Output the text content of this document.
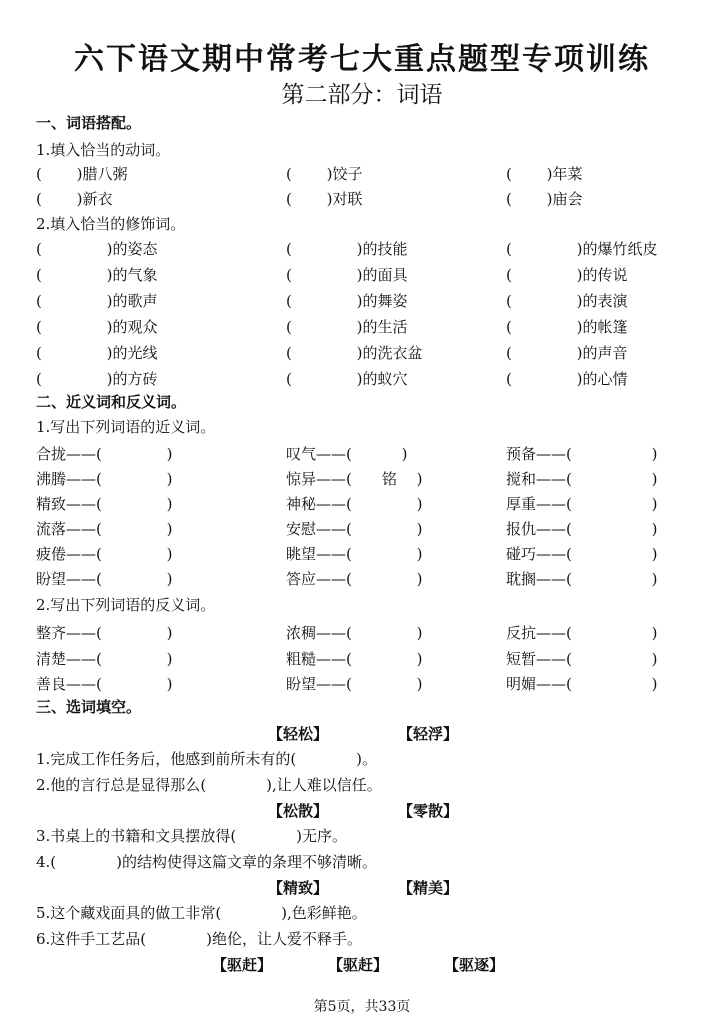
六下语文期中常考七大重点题型专项训练
第二部分：词语
一、词语搭配。
1.填入恰当的动词。
(　　 )腊八粥	(　　 )饺子	(　　 )年菜
(　　 )新衣	(　　 )对联	(　　 )庙会
2.填入恰当的修饰词。
(　　　　 )的姿态	(　　　　 )的技能	(　　　　 )的爆竹纸皮
(　　　　 )的气象	(　　　　 )的面具	(　　　　 )的传说
(　　　　 )的歌声	(　　　　 )的舞姿	(　　　　 )的表演
(　　　　 )的观众	(　　　　 )的生活	(　　　　 )的帐篷
(　　　　 )的光线	(　　　　 )的洗衣盆	(　　　　 )的声音
(　　　　 )的方砖	(　　　　 )的蚁穴	(　　　　 )的心情
二、近义词和反义词。
1.写出下列词语的近义词。
合拢——(　　　　 )	叹气——(　　　 )	预备——(　　　　　 )
沸腾——(　　　　 )	惊异——(　　铭　 )	搅和——(　　　　　 )
精致——(　　　　 )	神秘——(　　　　 )	厚重——(　　　　　 )
流落——(　　　　 )	安慰——(　　　　 )	报仇——(　　　　　 )
疲倦——(　　　　 )	眺望——(　　　　 )	碰巧——(　　　　　 )
盼望——(　　　　 )	答应——(　　　　 )	耽搁——(　　　　　 )
2.写出下列词语的反义词。
整齐——(　　　　 )	浓稠——(　　　　 )	反抗——(　　　　　 )
清楚——(　　　　 )	粗糙——(　　　　 )	短暂——(　　　　　 )
善良——(　　　　 )	盼望——(　　　　 )	明媚——(　　　　　 )
三、选词填空。
【轻松】	【轻浮】
1.完成工作任务后，他感到前所未有的(　　　　)。
2.他的言行总是显得那么(　　　　),让人难以信任。
【松散】	【零散】
3.书桌上的书籍和文具摆放得(　　　　)无序。
4.(　　　　)的结构使得这篇文章的条理不够清晰。
【精致】	【精美】
5.这个藏戏面具的做工非常(　　　　),色彩鲜艳。
6.这件手工艺品(　　　　)绝伦，让人爱不释手。
【驱赶】	【驱赶】	【驱逐】
第5页，共33页
